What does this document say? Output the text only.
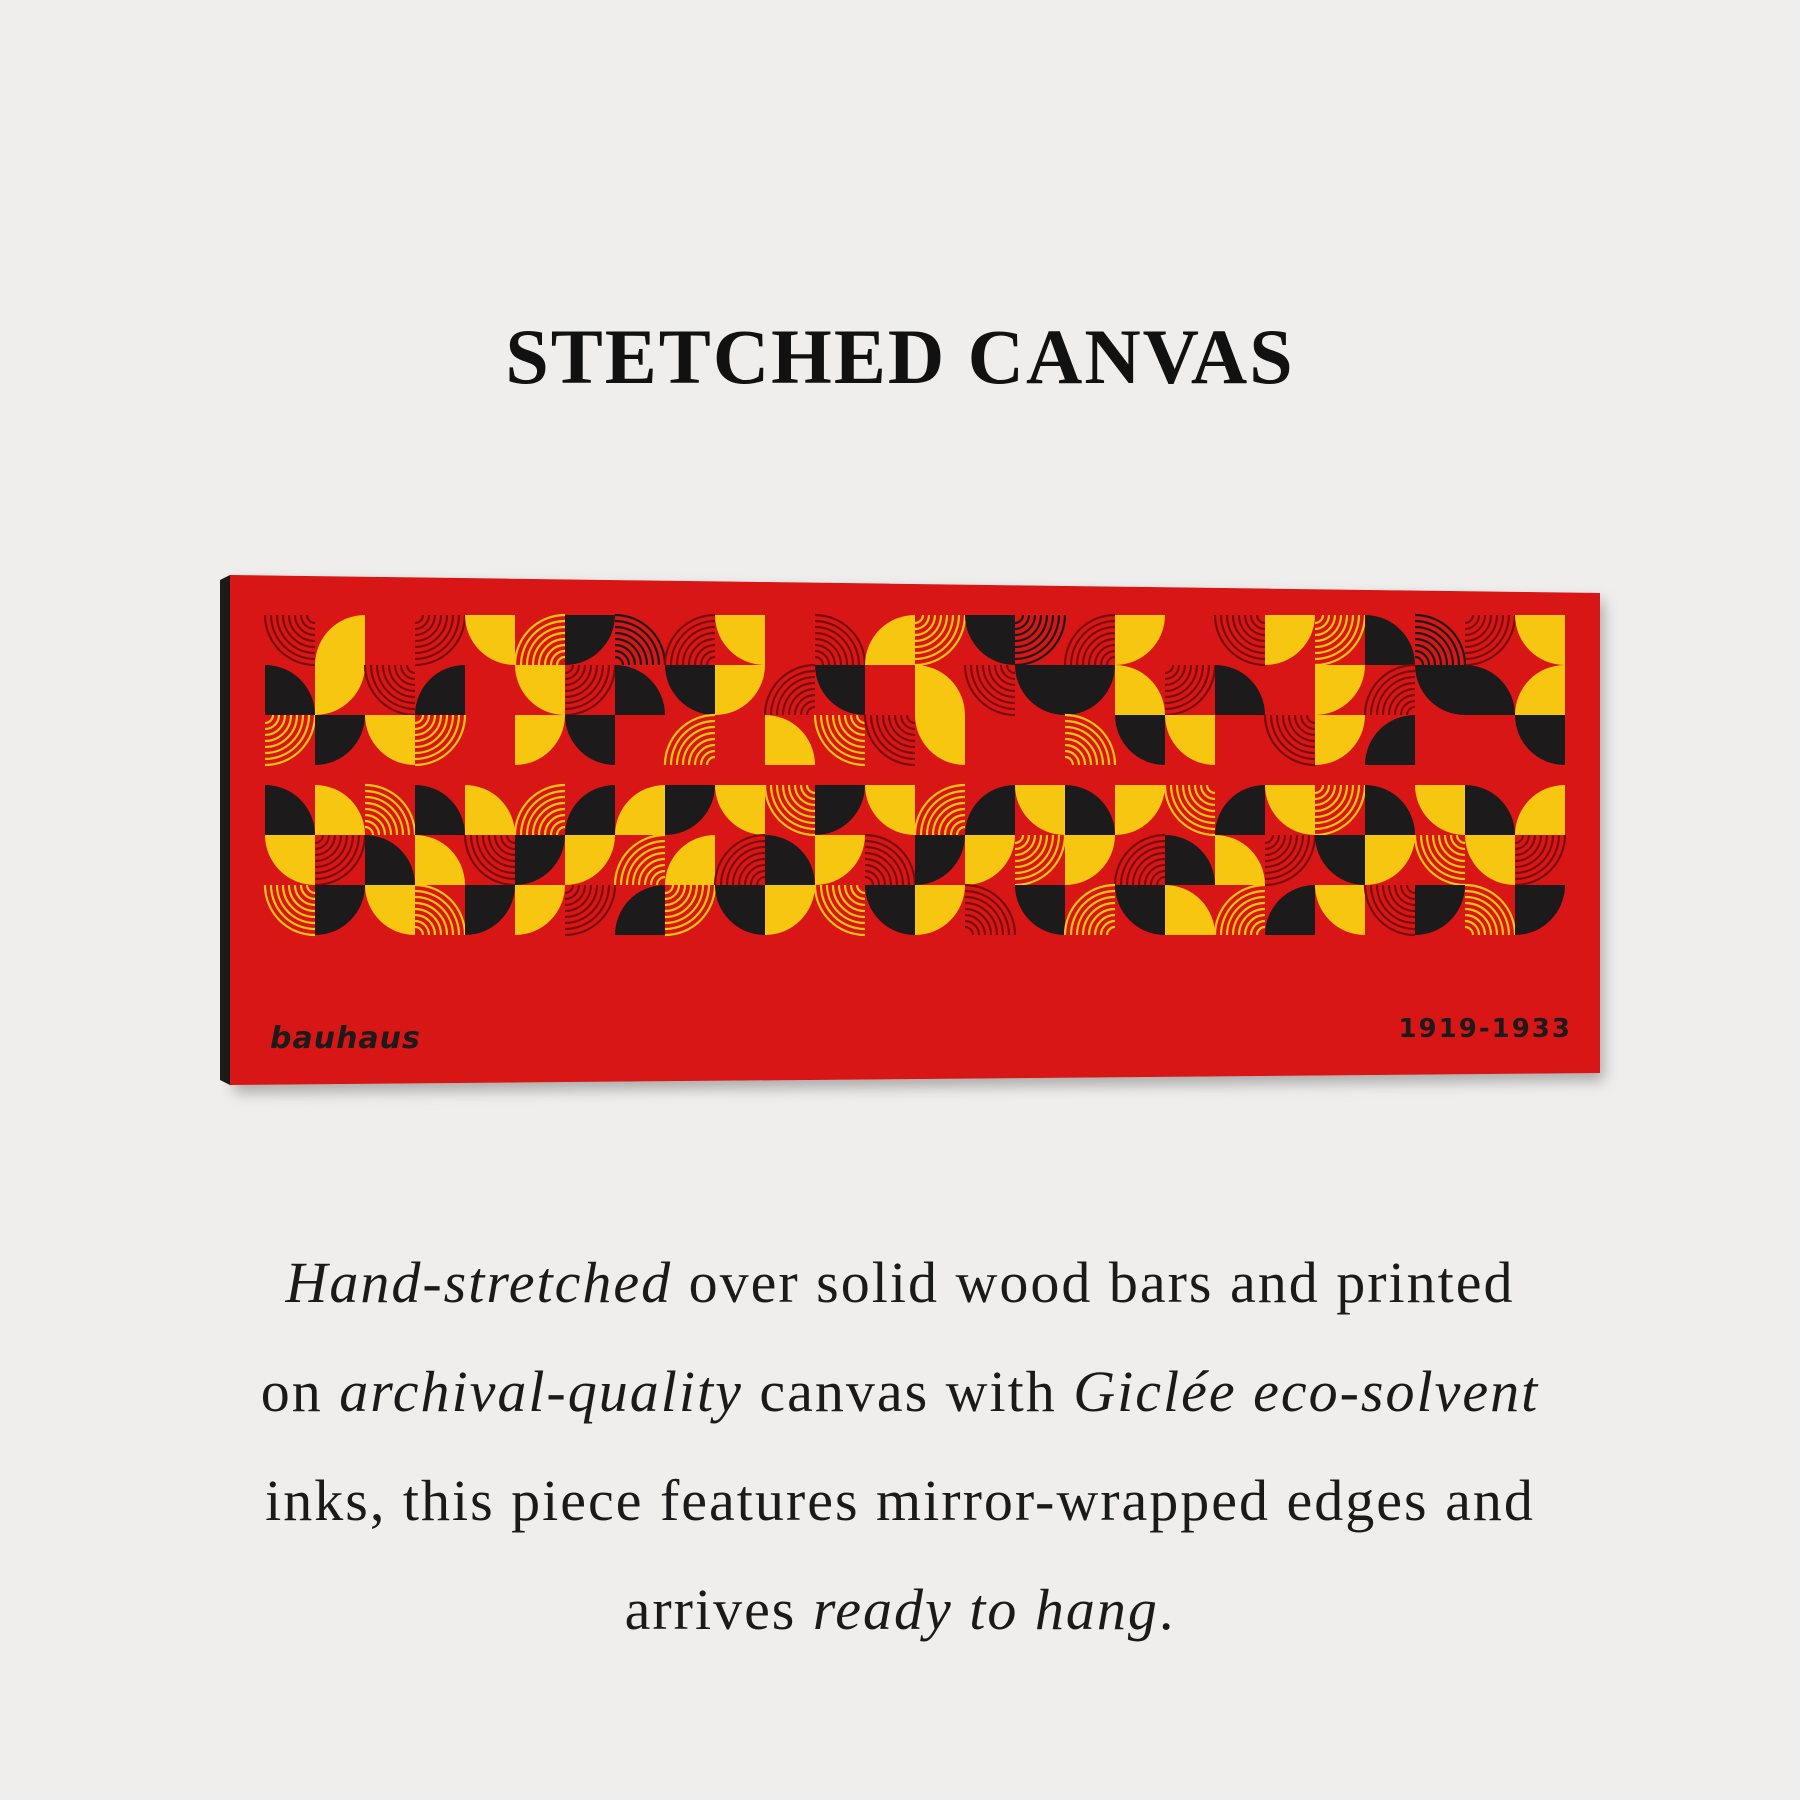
STETCHED CANVAS
bauhaus	1919-1933
Hand-stretched over solid wood bars and printed
on archival-quality canvas with Giclée eco-solvent
inks, this piece features mirror-wrapped edges and
arrives ready to hang.
